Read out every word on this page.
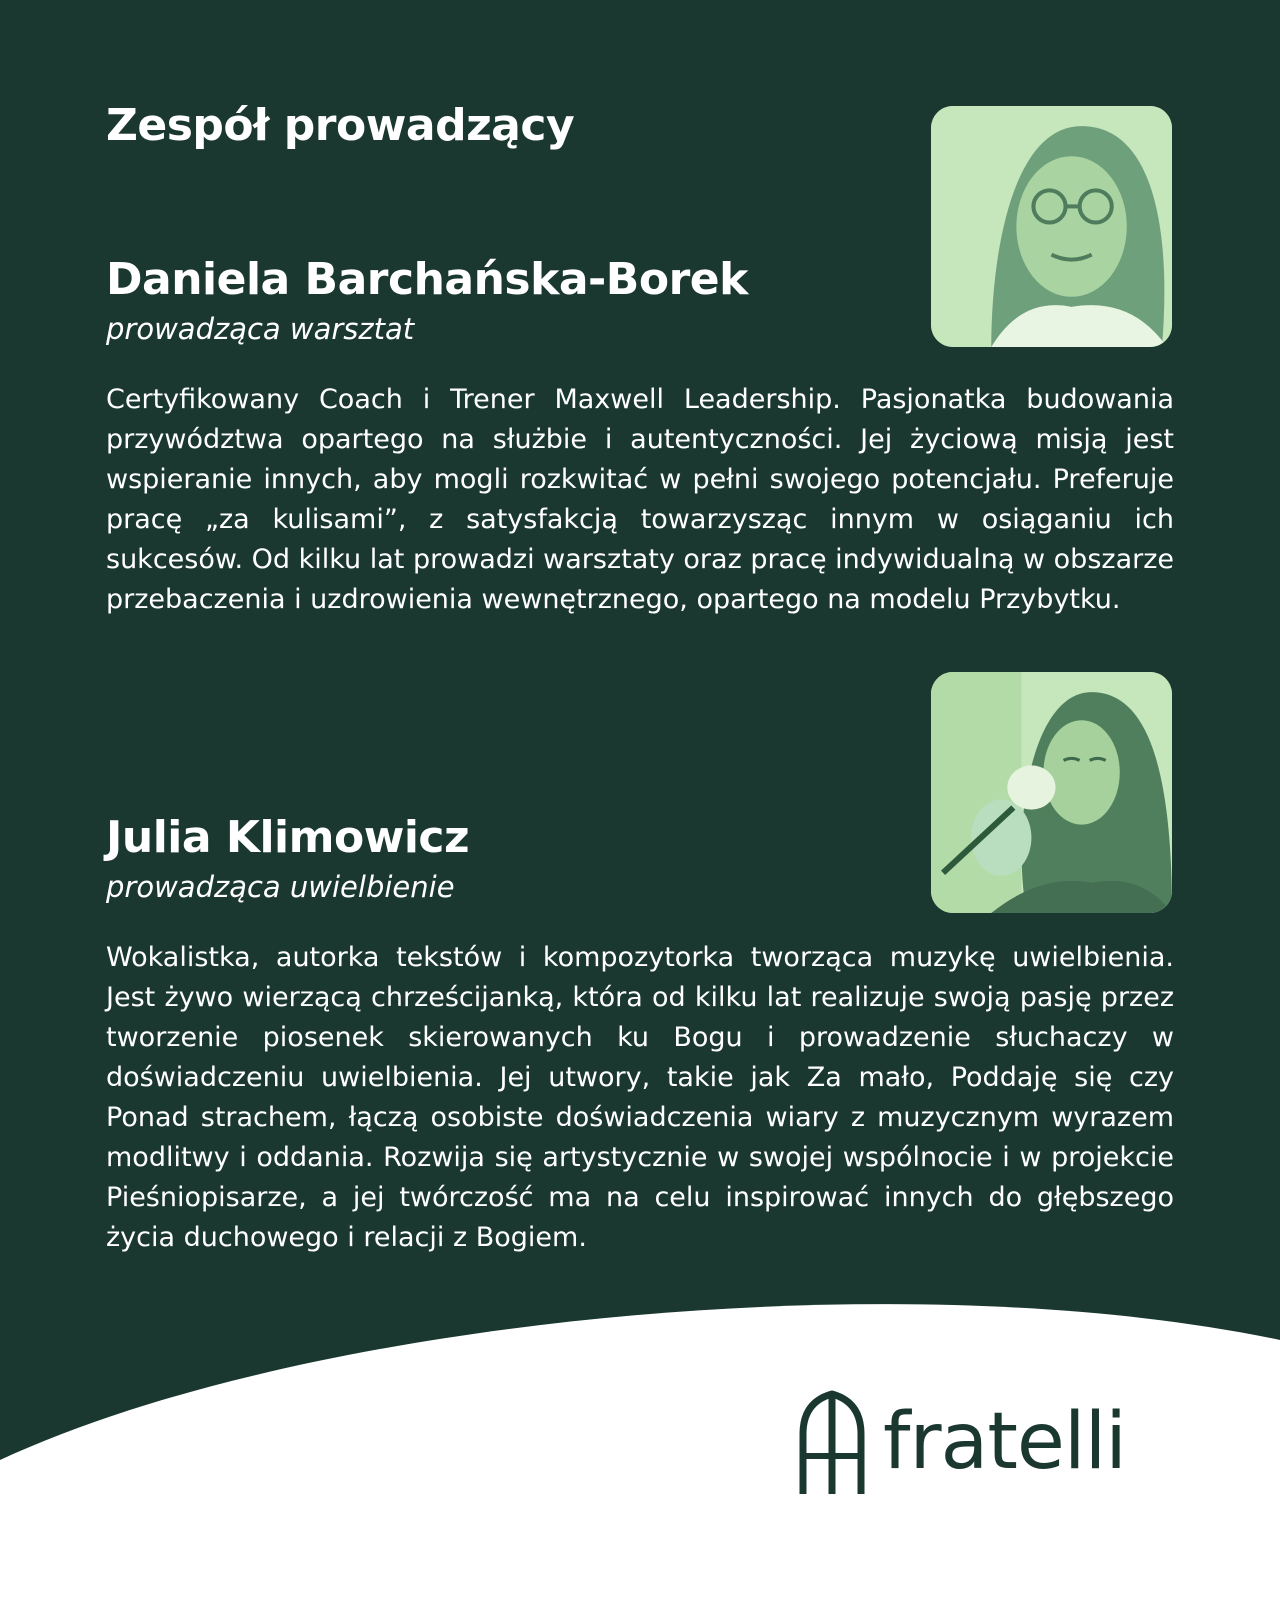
Zespół prowadzący
Daniela Barchańska-Borek

prowadząca warsztat

Certyfikowany Coach i Trener Maxwell Leadership. Pasjonatka budowania przywództwa opartego na służbie i autentyczności. Jej życiową misją jest wspieranie innych, aby mogli rozkwitać w pełni swojego potencjału. Preferuje pracę „za kulisami”, z satysfakcją towarzysząc innym w osiąganiu ich sukcesów. Od kilku lat prowadzi warsztaty oraz pracę indywidualną w obszarze przebaczenia i uzdrowienia wewnętrznego, opartego na modelu Przybytku.

Julia Klimowicz

prowadząca uwielbienie

Wokalistka, autorka tekstów i kompozytorka tworząca muzykę uwielbienia. Jest żywo wierzącą chrześcijanką, która od kilku lat realizuje swoją pasję przez tworzenie piosenek skierowanych ku Bogu i prowadzenie słuchaczy w doświadczeniu uwielbienia. Jej utwory, takie jak Za mało, Poddaję się czy Ponad strachem, łączą osobiste doświadczenia wiary z muzycznym wyrazem modlitwy i oddania. Rozwija się artystycznie w swojej wspólnocie i w projekcie Pieśniopisarze, a jej twórczość ma na celu inspirować innych do głębszego życia duchowego i relacji z Bogiem.

fratelli
